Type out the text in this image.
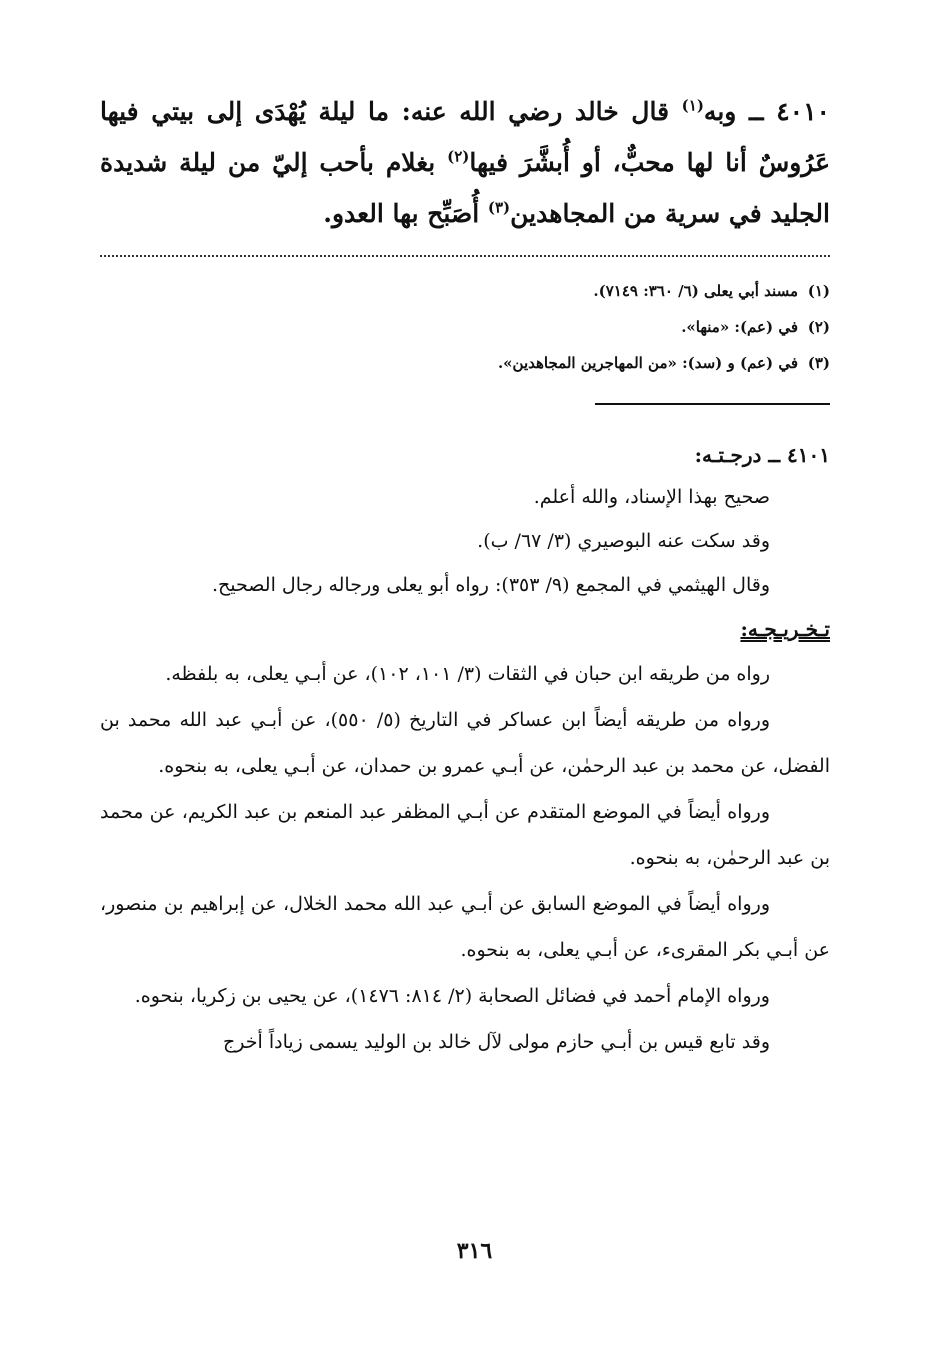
٤٠١٠ ــ وبه$^{(١)}$ قال خالد رضي الله عنه: ما ليلة يُهْدَى إلى بيتي فيها عَرُوسٌ أنا لها محبٌّ، أو أُبشَّرَ فيها$^{(٢)}$ بغلام بأحب إليّ من ليلة شديدة الجليد في سرية من المجاهدين$^{(٣)}$ أُصَبِّح بها العدو.

(١)مسند أبي يعلى (٦/ ٣٦٠: ٧١٤٩).
(٢)في (عم): «منها».
(٣)في (عم) و (سد): «من المهاجرين المجاهدين».
٤١٠١ ــ درجـتـه:
صحيح بهذا الإسناد، والله أعلم.
وقد سكت عنه البوصيري (٣/ ٦٧/ ب).
وقال الهيثمي في المجمع (٩/ ٣٥٣): رواه أبو يعلى ورجاله رجال الصحيح.
تـخـريـجـه:

رواه من طريقه ابن حبان في الثقات (٣/ ١٠١، ١٠٢)، عن أبـي يعلى، به بلفظه.

ورواه من طريقه أيضاً ابن عساكر في التاريخ (٥/ ٥٥٠)، عن أبـي عبد الله محمد بن الفضل، عن محمد بن عبد الرحمٰن، عن أبـي عمرو بن حمدان، عن أبـي يعلى، به بنحوه.

ورواه أيضاً في الموضع المتقدم عن أبـي المظفر عبد المنعم بن عبد الكريم، عن محمد بن عبد الرحمٰن، به بنحوه.

ورواه أيضاً في الموضع السابق عن أبـي عبد الله محمد الخلال، عن إبراهيم بن منصور، عن أبـي بكر المقرىء، عن أبـي يعلى، به بنحوه.

ورواه الإمام أحمد في فضائل الصحابة (٢/ ٨١٤: ١٤٧٦)، عن يحيى بن زكريا، بنحوه.

وقد تابع قيس بن أبـي حازم مولى لآل خالد بن الوليد يسمى زياداً أخرج

٣١٦
